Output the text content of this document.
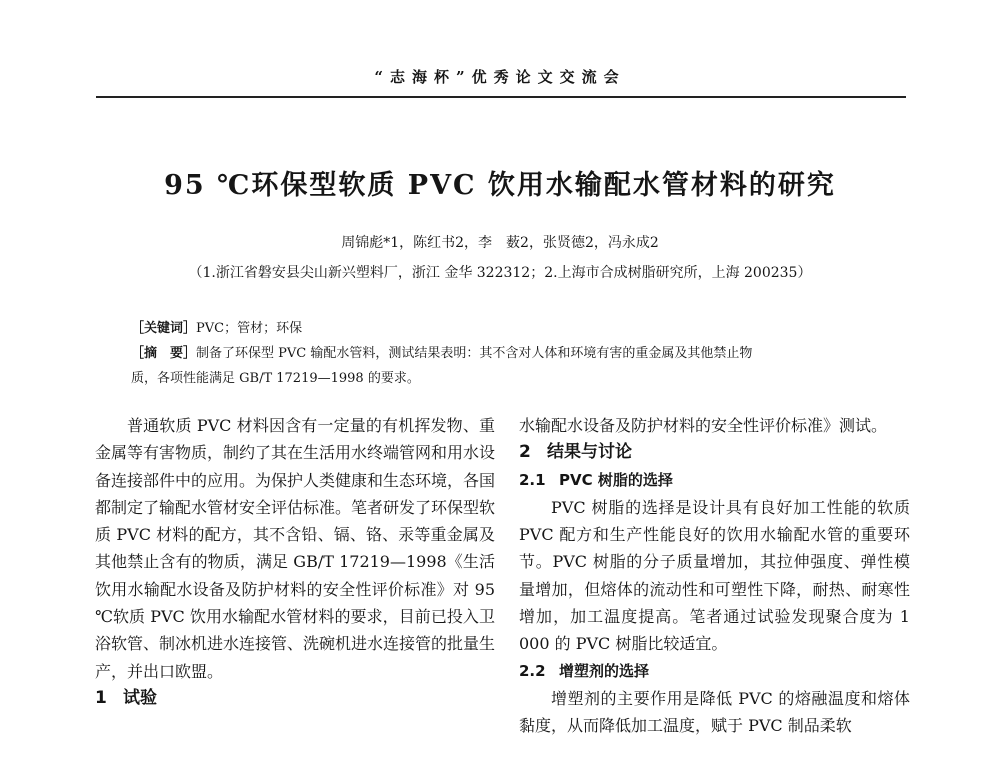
“志海杯”优秀论文交流会
95 ℃环保型软质 PVC 饮用水输配水管材料的研究
周锦彪*1，陈红书2，李　薮2，张贤德2，冯永成2
（1.浙江省磐安县尖山新兴塑料厂，浙江 金华 322312；2.上海市合成树脂研究所，上海 200235）
［关键词］PVC；管材；环保
［摘　要］制备了环保型 PVC 输配水管料，测试结果表明：其不含对人体和环境有害的重金属及其他禁止物
质，各项性能满足 GB/T 17219—1998 的要求。

普通软质 PVC 材料因含有一定量的有机挥发物、重金属等有害物质，制约了其在生活用水终端管网和用水设备连接部件中的应用。为保护人类健康和生态环境，各国都制定了输配水管材安全评估标准。笔者研发了环保型软质 PVC 材料的配方，其不含铅、镉、铬、汞等重金属及其他禁止含有的物质，满足 GB/T 17219—1998《生活饮用水输配水设备及防护材料的安全性评价标准》对 95 ℃软质 PVC 饮用水输配水管材料的要求，目前已投入卫浴软管、制冰机进水连接管、洗碗机进水连接管的批量生产，并出口欧盟。

1 试验

水输配水设备及防护材料的安全性评价标准》测试。

2 结果与讨论

2.1 PVC 树脂的选择

PVC 树脂的选择是设计具有良好加工性能的软质 PVC 配方和生产性能良好的饮用水输配水管的重要环节。PVC 树脂的分子质量增加，其拉伸强度、弹性模量增加，但熔体的流动性和可塑性下降，耐热、耐寒性增加，加工温度提高。笔者通过试验发现聚合度为 1 000 的 PVC 树脂比较适宜。

2.2 增塑剂的选择

增塑剂的主要作用是降低 PVC 的熔融温度和熔体黏度，从而降低加工温度，赋于 PVC 制品柔软
